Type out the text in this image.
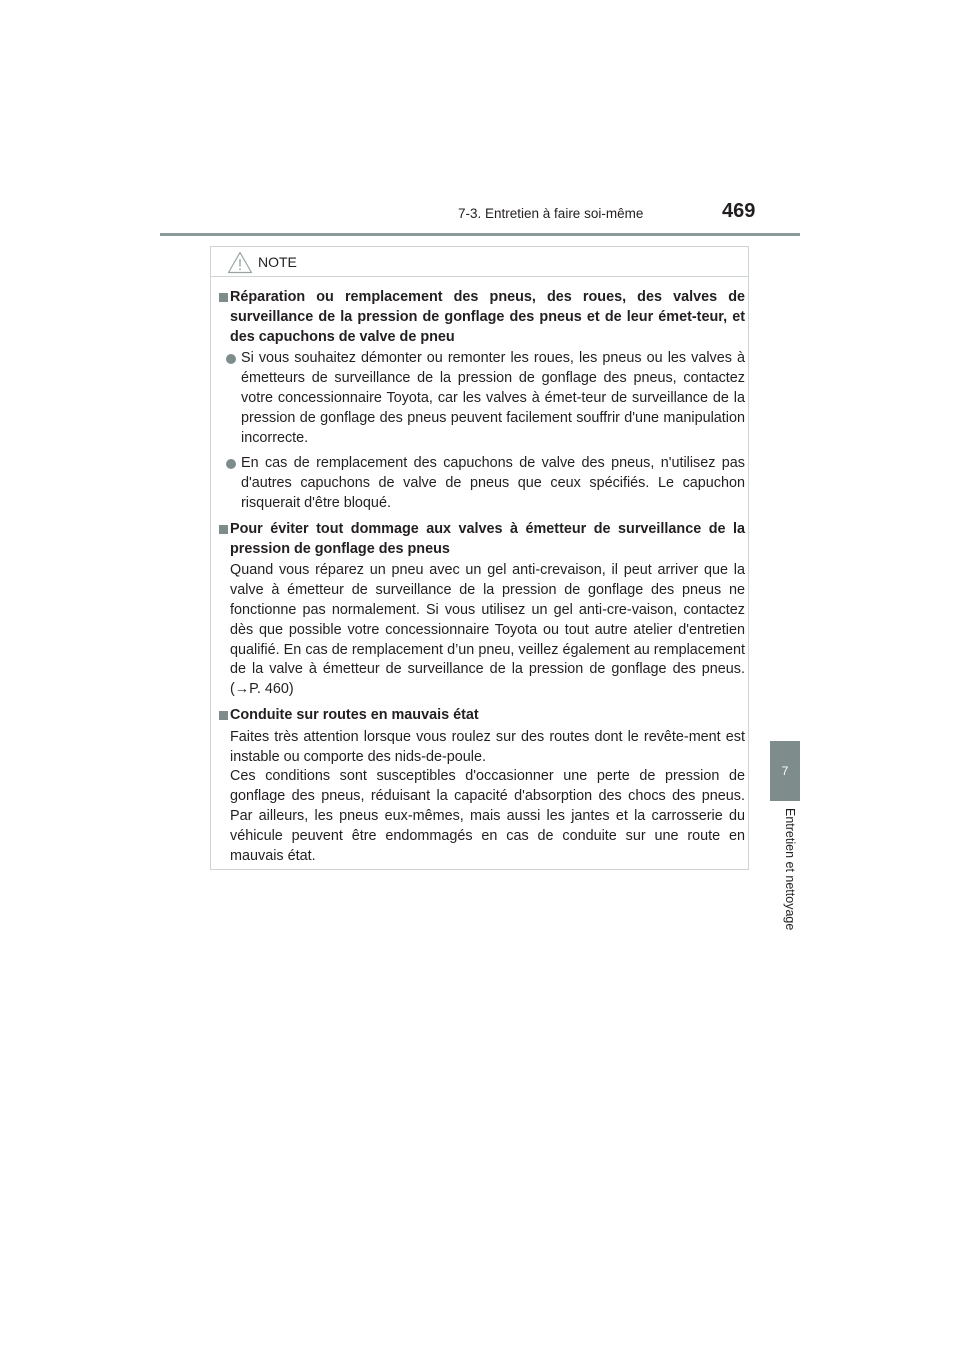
7-3. Entretien à faire soi-même	469
7
Entretien et nettoyage
NOTE
Réparation ou remplacement des pneus, des roues, des valves de surveillance de la pression de gonflage des pneus et de leur émet-teur, et des capuchons de valve de pneu
Si vous souhaitez démonter ou remonter les roues, les pneus ou les valves à émetteurs de surveillance de la pression de gonflage des pneus, contactez votre concessionnaire Toyota, car les valves à émet-teur de surveillance de la pression de gonflage des pneus peuvent facilement souffrir d'une manipulation incorrecte.
En cas de remplacement des capuchons de valve des pneus, n'utilisez pas d'autres capuchons de valve de pneus que ceux spécifiés. Le capuchon risquerait d'être bloqué.
Pour éviter tout dommage aux valves à émetteur de surveillance de la pression de gonflage des pneus

Quand vous réparez un pneu avec un gel anti-crevaison, il peut arriver que la valve à émetteur de surveillance de la pression de gonflage des pneus ne fonctionne pas normalement. Si vous utilisez un gel anti-cre-vaison, contactez dès que possible votre concessionnaire Toyota ou tout autre atelier d'entretien qualifié. En cas de remplacement d’un pneu, veillez également au remplacement de la valve à émetteur de surveillance de la pression de gonflage des pneus. (→P. 460)

Conduite sur routes en mauvais état

Faites très attention lorsque vous roulez sur des routes dont le revête-ment est instable ou comporte des nids-de-poule.

Ces conditions sont susceptibles d'occasionner une perte de pression de gonflage des pneus, réduisant la capacité d'absorption des chocs des pneus. Par ailleurs, les pneus eux-mêmes, mais aussi les jantes et la carrosserie du véhicule peuvent être endommagés en cas de conduite sur une route en mauvais état.
